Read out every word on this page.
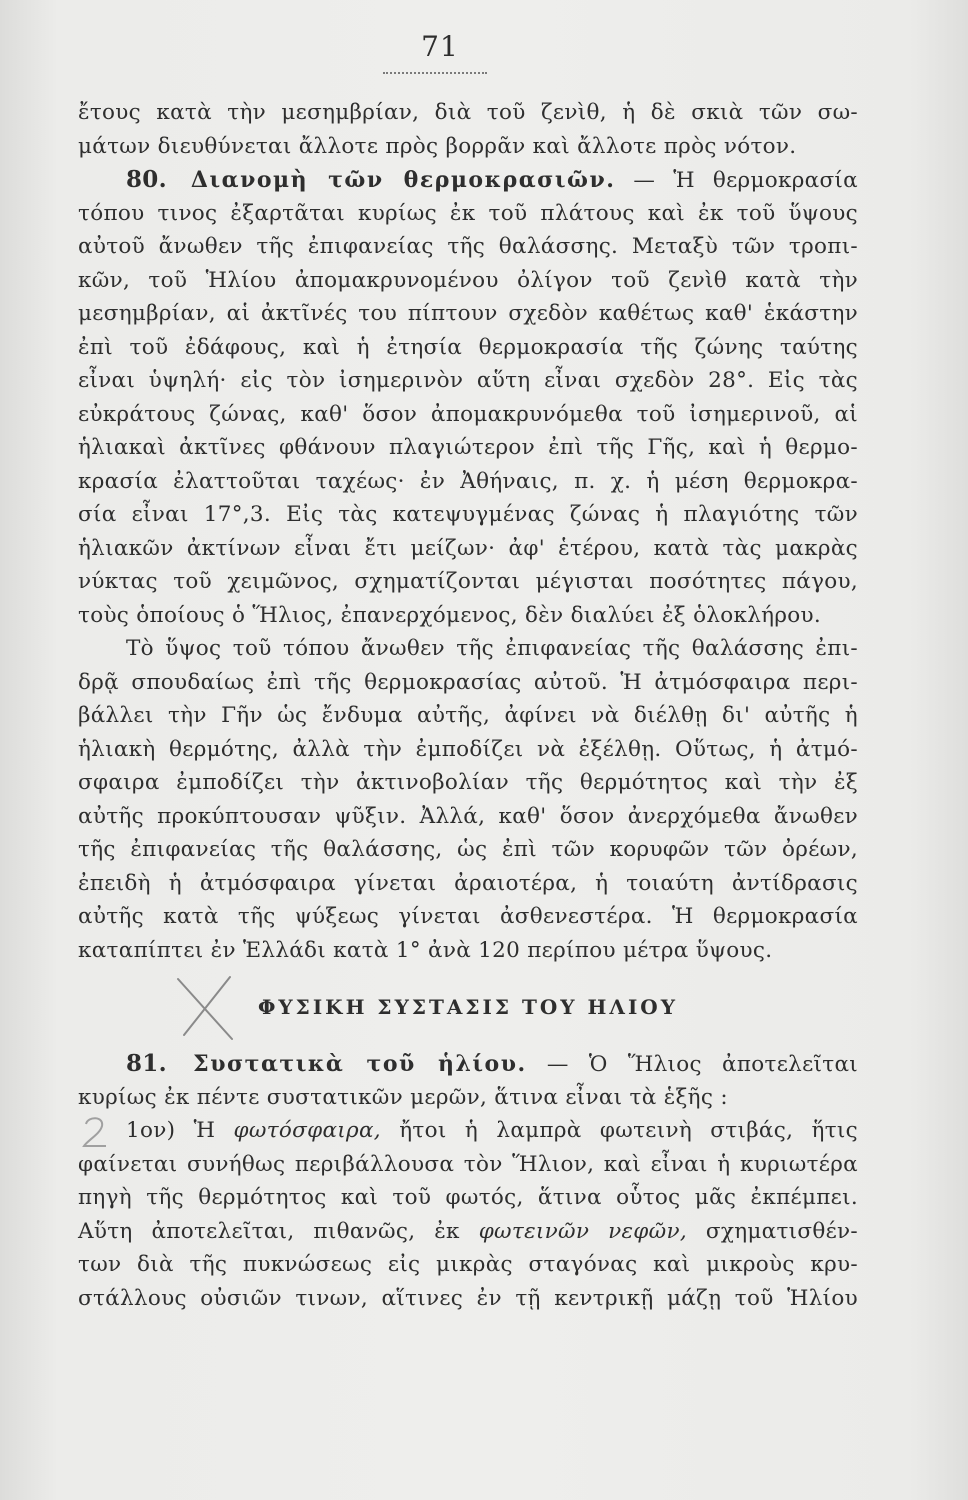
71
ἔτους κατὰ τὴν μεσημβρίαν, διὰ τοῦ ζενὶθ, ἡ δὲ σκιὰ τῶν σω-
μάτων διευθύνεται ἄλλοτε πρὸς βορρᾶν καὶ ἄλλοτε πρὸς νότον.
80. Διανομὴ τῶν θερμοκρασιῶν. — Ἡ θερμοκρασία
τόπου τινος ἐξαρτᾶται κυρίως ἐκ τοῦ πλάτους καὶ ἐκ τοῦ ὕψους
αὐτοῦ ἄνωθεν τῆς ἐπιφανείας τῆς θαλάσσης. Μεταξὺ τῶν τροπι-
κῶν, τοῦ Ἡλίου ἀπομακρυνομένου ὀλίγον τοῦ ζενὶθ κατὰ τὴν
μεσημβρίαν, αἱ ἀκτῖνές του πίπτουν σχεδὸν καθέτως καθ' ἑκάστην
ἐπὶ τοῦ ἐδάφους, καὶ ἡ ἐτησία θερμοκρασία τῆς ζώνης ταύτης
εἶναι ὑψηλή· εἰς τὸν ἰσημερινὸν αὕτη εἶναι σχεδὸν 28°. Εἰς τὰς
εὐκράτους ζώνας, καθ' ὅσον ἀπομακρυνόμεθα τοῦ ἰσημερινοῦ, αἱ
ἡλιακαὶ ἀκτῖνες φθάνουν πλαγιώτερον ἐπὶ τῆς Γῆς, καὶ ἡ θερμο-
κρασία ἐλαττοῦται ταχέως· ἐν Ἀθήναις, π. χ. ἡ μέση θερμοκρα-
σία εἶναι 17°,3. Εἰς τὰς κατεψυγμένας ζώνας ἡ πλαγιότης τῶν
ἡλιακῶν ἀκτίνων εἶναι ἔτι μείζων· ἀφ' ἑτέρου, κατὰ τὰς μακρὰς
νύκτας τοῦ χειμῶνος, σχηματίζονται μέγισται ποσότητες πάγου,
τοὺς ὁποίους ὁ Ἥλιος, ἐπανερχόμενος, δὲν διαλύει ἐξ ὁλοκλήρου.
Τὸ ὕψος τοῦ τόπου ἄνωθεν τῆς ἐπιφανείας τῆς θαλάσσης ἐπι-
δρᾷ σπουδαίως ἐπὶ τῆς θερμοκρασίας αὐτοῦ. Ἡ ἀτμόσφαιρα περι-
βάλλει τὴν Γῆν ὡς ἔνδυμα αὐτῆς, ἀφίνει νὰ διέλθῃ δι' αὐτῆς ἡ
ἡλιακὴ θερμότης, ἀλλὰ τὴν ἐμποδίζει νὰ ἐξέλθῃ. Οὕτως, ἡ ἀτμό-
σφαιρα ἐμποδίζει τὴν ἀκτινοβολίαν τῆς θερμότητος καὶ τὴν ἐξ
αὐτῆς προκύπτουσαν ψῦξιν. Ἀλλά, καθ' ὅσον ἀνερχόμεθα ἄνωθεν
τῆς ἐπιφανείας τῆς θαλάσσης, ὡς ἐπὶ τῶν κορυφῶν τῶν ὀρέων,
ἐπειδὴ ἡ ἀτμόσφαιρα γίνεται ἀραιοτέρα, ἡ τοιαύτη ἀντίδρασις
αὐτῆς κατὰ τῆς ψύξεως γίνεται ἀσθενεστέρα. Ἡ θερμοκρασία
καταπίπτει ἐν Ἑλλάδι κατὰ 1° ἀνὰ 120 περίπου μέτρα ὕψους.
ΦΥΣΙΚΗ ΣΥΣΤΑΣΙΣ ΤΟΥ ΗΛΙΟΥ
81. Συστατικὰ τοῦ ἡλίου. — Ὁ Ἥλιος ἀποτελεῖται
κυρίως ἐκ πέντε συστατικῶν μερῶν, ἅτινα εἶναι τὰ ἑξῆς :
1ον) Ἡ φωτόσφαιρα, ἤτοι ἡ λαμπρὰ φωτεινὴ στιβάς, ἥτις
φαίνεται συνήθως περιβάλλουσα τὸν Ἥλιον, καὶ εἶναι ἡ κυριωτέρα
πηγὴ τῆς θερμότητος καὶ τοῦ φωτός, ἅτινα οὗτος μᾶς ἐκπέμπει.
Αὕτη ἀποτελεῖται, πιθανῶς, ἐκ φωτεινῶν νεφῶν, σχηματισθέν-
των διὰ τῆς πυκνώσεως εἰς μικρὰς σταγόνας καὶ μικροὺς κρυ-
στάλλους οὐσιῶν τινων, αἵτινες ἐν τῇ κεντρικῇ μάζῃ τοῦ Ἡλίου
